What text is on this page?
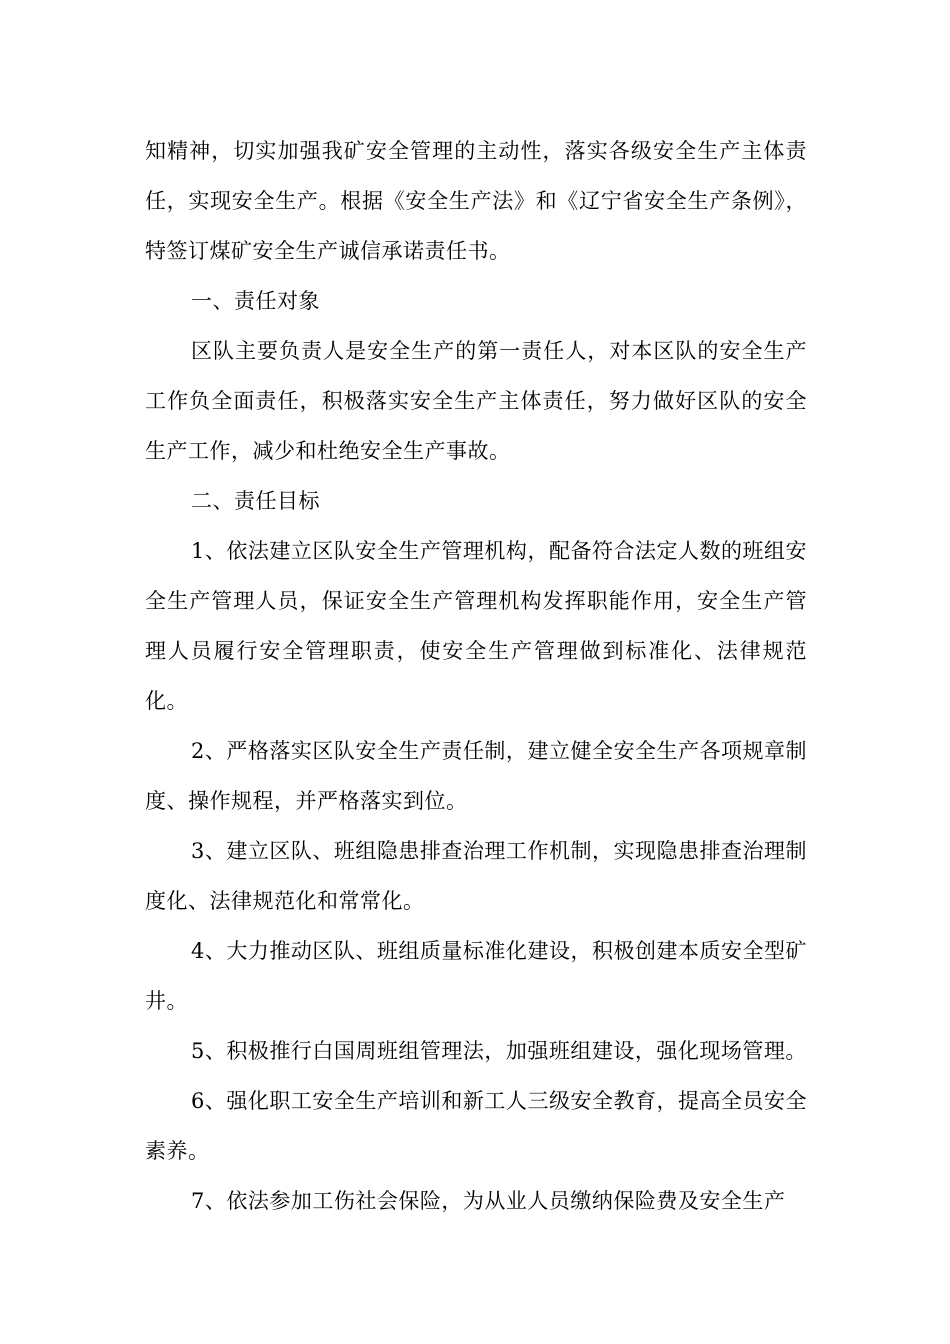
知精神，切实加强我矿安全管理的主动性，落实各级安全生产主体责任，实现安全生产。根据《安全生产法》和《辽宁省安全生产条例》，特签订煤矿安全生产诚信承诺责任书。

一、责任对象

区队主要负责人是安全生产的第一责任人，对本区队的安全生产工作负全面责任，积极落实安全生产主体责任，努力做好区队的安全生产工作，减少和杜绝安全生产事故。

二、责任目标

1、依法建立区队安全生产管理机构，配备符合法定人数的班组安全生产管理人员，保证安全生产管理机构发挥职能作用，安全生产管理人员履行安全管理职责，使安全生产管理做到标准化、法律规范化。

2、严格落实区队安全生产责任制，建立健全安全生产各项规章制度、操作规程，并严格落实到位。

3、建立区队、班组隐患排查治理工作机制，实现隐患排查治理制度化、法律规范化和常常化。

4、大力推动区队、班组质量标准化建设，积极创建本质安全型矿井。

5、积极推行白国周班组管理法，加强班组建设，强化现场管理。

6、强化职工安全生产培训和新工人三级安全教育，提高全员安全素养。

7、依法参加工伤社会保险，为从业人员缴纳保险费及安全生产
